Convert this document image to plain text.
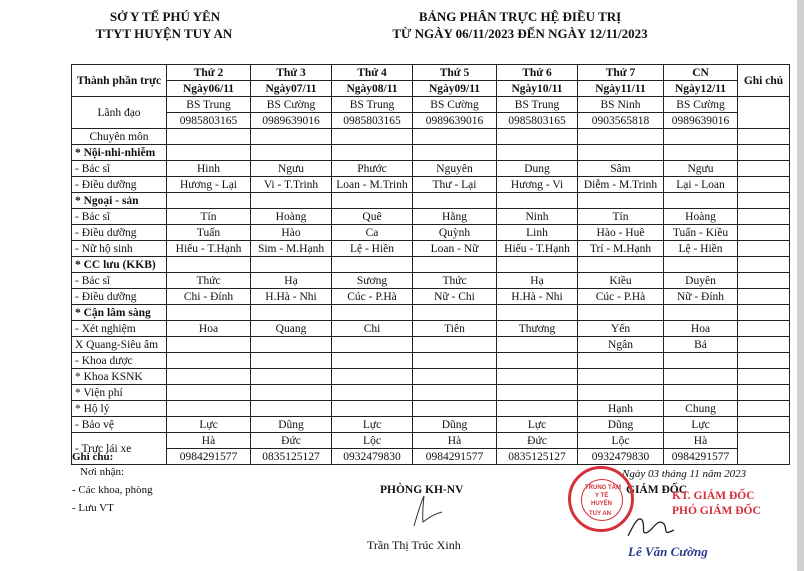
SỞ Y TẾ PHÚ YÊN
TTYT HUYỆN TUY AN
BẢNG PHÂN TRỰC HỆ ĐIỀU TRỊ
TỪ NGÀY 06/11/2023 ĐẾN NGÀY 12/11/2023
Thành phần trực	Thứ 2	Thứ 3	Thứ 4	Thứ 5	Thứ 6	Thứ 7	CN	Ghi chú
	Ngày06/11	Ngày07/11	Ngày08/11	Ngày09/11	Ngày10/11	Ngày11/11	Ngày12/11	
Lãnh đạo	BS Trung	BS Cường	BS Trung	BS Cường	BS Trung	BS Ninh	BS Cường	
	0985803165	0989639016	0985803165	0989639016	0985803165	0903565818	0989639016	
Chuyên môn								
* Nội-nhi-nhiễm								
- Bác sĩ	Hinh	Ngưu	Phước	Nguyên	Dung	Sâm	Ngưu	
- Điều dưỡng	Hương - Lại	Vi - T.Trinh	Loan - M.Trinh	Thư - Lại	Hương - Vi	Diễm - M.Trinh	Lại - Loan	
* Ngoại - sản								
- Bác sĩ	Tín	Hoàng	Quê	Hằng	Ninh	Tín	Hoàng	
- Điều dưỡng	Tuấn	Hào	Ca	Quỳnh	Linh	Hào - Huê	Tuấn - Kiều	
- Nữ hộ sinh	Hiếu - T.Hạnh	Sim - M.Hạnh	Lệ - Hiền	Loan - Nữ	Hiếu - T.Hạnh	Trí - M.Hạnh	Lệ - Hiền	
* CC lưu (KKB)								
- Bác sĩ	Thức	Hạ	Sương	Thức	Hạ	Kiều	Duyên	
- Điều dưỡng	Chi - Đính	H.Hà - Nhi	Cúc - P.Hà	Nữ - Chi	H.Hà - Nhi	Cúc - P.Hà	Nữ - Đính	
* Cận lâm sàng								
- Xét nghiệm	Hoa	Quang	Chi	Tiên	Thương	Yến	Hoa	
X Quang-Siêu âm						Ngân	Bá	
- Khoa dược								
* Khoa KSNK								
* Viện phí								
* Hộ lý						Hạnh	Chung	
- Bảo vệ	Lực	Dũng	Lực	Dũng	Lực	Dũng	Lực	
- Trực lái xe	Hà	Đức	Lộc	Hà	Đức	Lộc	Hà	
	0984291577	0835125127	0932479830	0984291577	0835125127	0932479830	0984291577	
Ghi chú:
Nơi nhận:
- Các khoa, phòng
- Lưu VT
PHÒNG KH-NV
Trần Thị Trúc Xinh
Ngày 03 tháng 11 năm 2023
GIÁM ĐỐC
KT. GIÁM ĐỐC
PHÓ GIÁM ĐỐC
TRUNG TÂM
Y TẾ
HUYỆN
TUY AN
Lê Văn Cường
